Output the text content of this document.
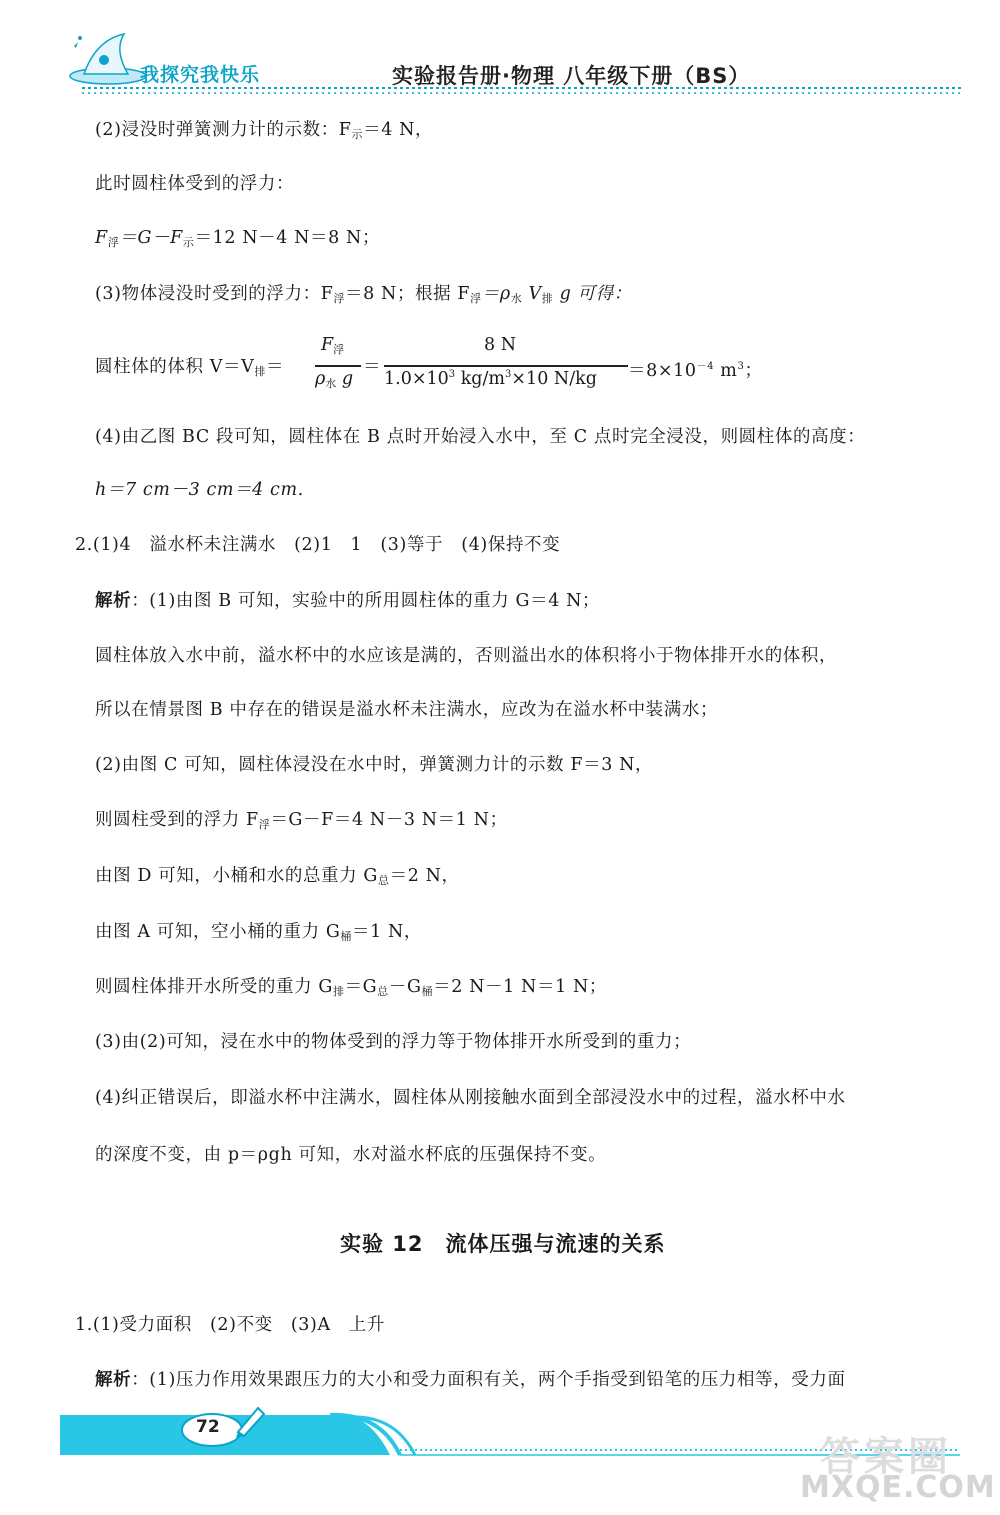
我探究我快乐	实验报告册·物理 八年级下册（BS）
(2)浸没时弹簧测力计的示数：$F_示=4$ N，
此时圆柱体受到的浮力：
$F_浮=G-F_示=12$ N－4 N＝8 N；
(3)物体浸没时受到的浮力：$F_浮=8$ N；根据 $F_浮=\rho_水$ $V_排$ g 可得：
圆柱体的体积 $V=V_排=$
$F_浮$
$\rho_水$ g
＝
8 N
$1.0\times 10^3$ $kg/m^3\times 10$ $N/kg =8\times 10^{-4}$ $m^3$；
(4)由乙图 BC 段可知，圆柱体在 B 点时开始浸入水中，至 C 点时完全浸没，则圆柱体的高度：
h＝7 cm－3 cm＝4 cm.
2.(1)4　溢水杯未注满水　(2)1　1　(3)等于　(4)保持不变
解析：(1)由图 B 可知，实验中的所用圆柱体的重力 G＝4 N；
圆柱体放入水中前，溢水杯中的水应该是满的，否则溢出水的体积将小于物体排开水的体积，
所以在情景图 B 中存在的错误是溢水杯未注满水，应改为在溢水杯中装满水；
(2)由图 C 可知，圆柱体浸没在水中时，弹簧测力计的示数 F＝3 N，
则圆柱受到的浮力 $F_浮=G-F=4$ N－3 N＝1 N；
由图 D 可知，小桶和水的总重力 $G_总=2$ N，
由图 A 可知，空小桶的重力 $G_桶=1$ N，
则圆柱体排开水所受的重力 $G_排=G_总-G_桶=2$ N－1 N＝1 N；
(3)由(2)可知，浸在水中的物体受到的浮力等于物体排开水所受到的重力；
(4)纠正错误后，即溢水杯中注满水，圆柱体从刚接触水面到全部浸没水中的过程，溢水杯中水
的深度不变，由 p＝ρgh 可知，水对溢水杯底的压强保持不变。
实验 12　流体压强与流速的关系
1.(1)受力面积　(2)不变　(3)A　上升
解析：(1)压力作用效果跟压力的大小和受力面积有关，两个手指受到铅笔的压力相等，受力面
72
答案圈
MXQE.COM
